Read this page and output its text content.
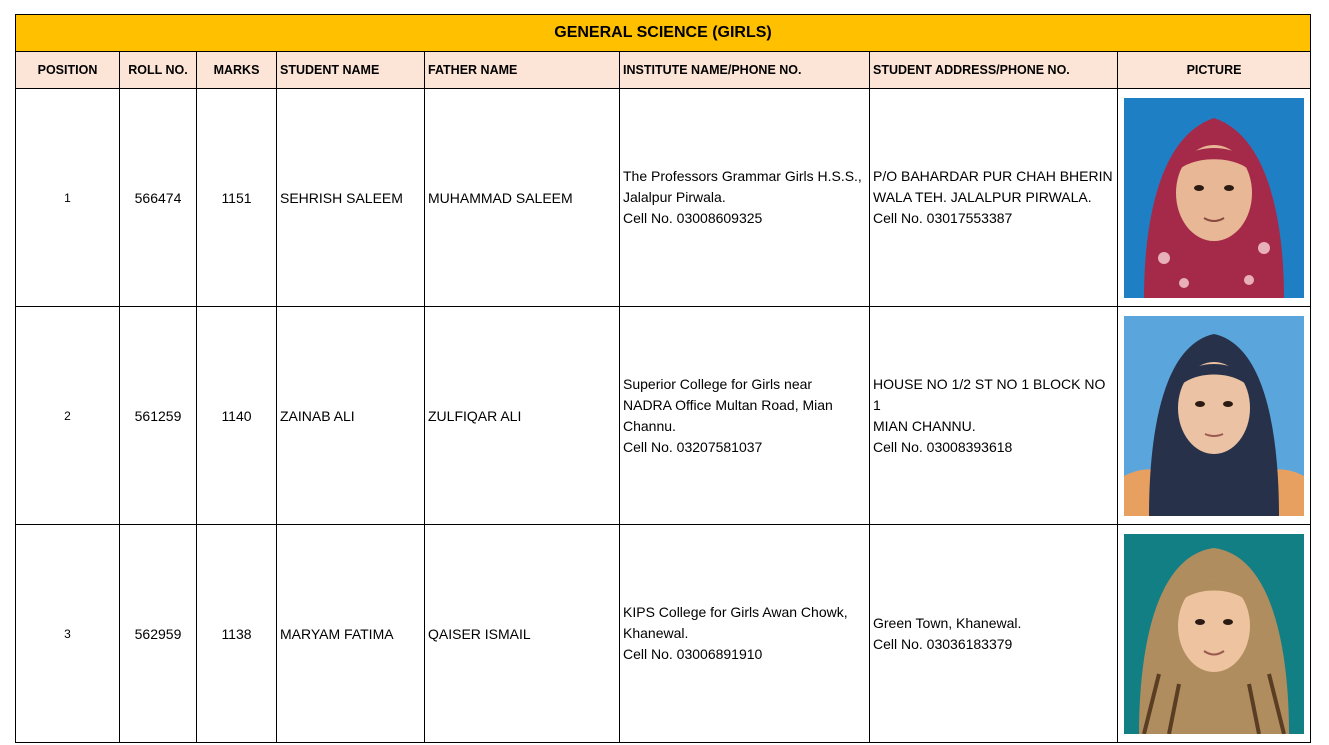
GENERAL SCIENCE (GIRLS)							
POSITION	ROLL NO.	MARKS	STUDENT NAME	FATHER NAME	INSTITUTE NAME/PHONE NO.	STUDENT ADDRESS/PHONE NO.	PICTURE
1	566474	1151	SEHRISH SALEEM	MUHAMMAD SALEEM	The Professors Grammar Girls H.S.S.,
Jalalpur Pirwala.
Cell No. 03008609325	P/O BAHARDAR PUR CHAH BHERIN
WALA TEH. JALALPUR PIRWALA.
Cell No. 03017553387

2	561259	1140	ZAINAB ALI	ZULFIQAR ALI	Superior College for Girls near
NADRA Office Multan Road, Mian
Channu.
Cell No. 03207581037	HOUSE NO 1/2 ST NO 1 BLOCK NO 1
MIAN CHANNU.
Cell No. 03008393618

3	562959	1138	MARYAM FATIMA	QAISER ISMAIL	KIPS College for Girls Awan Chowk,
Khanewal.
Cell No. 03006891910	Green Town, Khanewal.
Cell No. 03036183379
